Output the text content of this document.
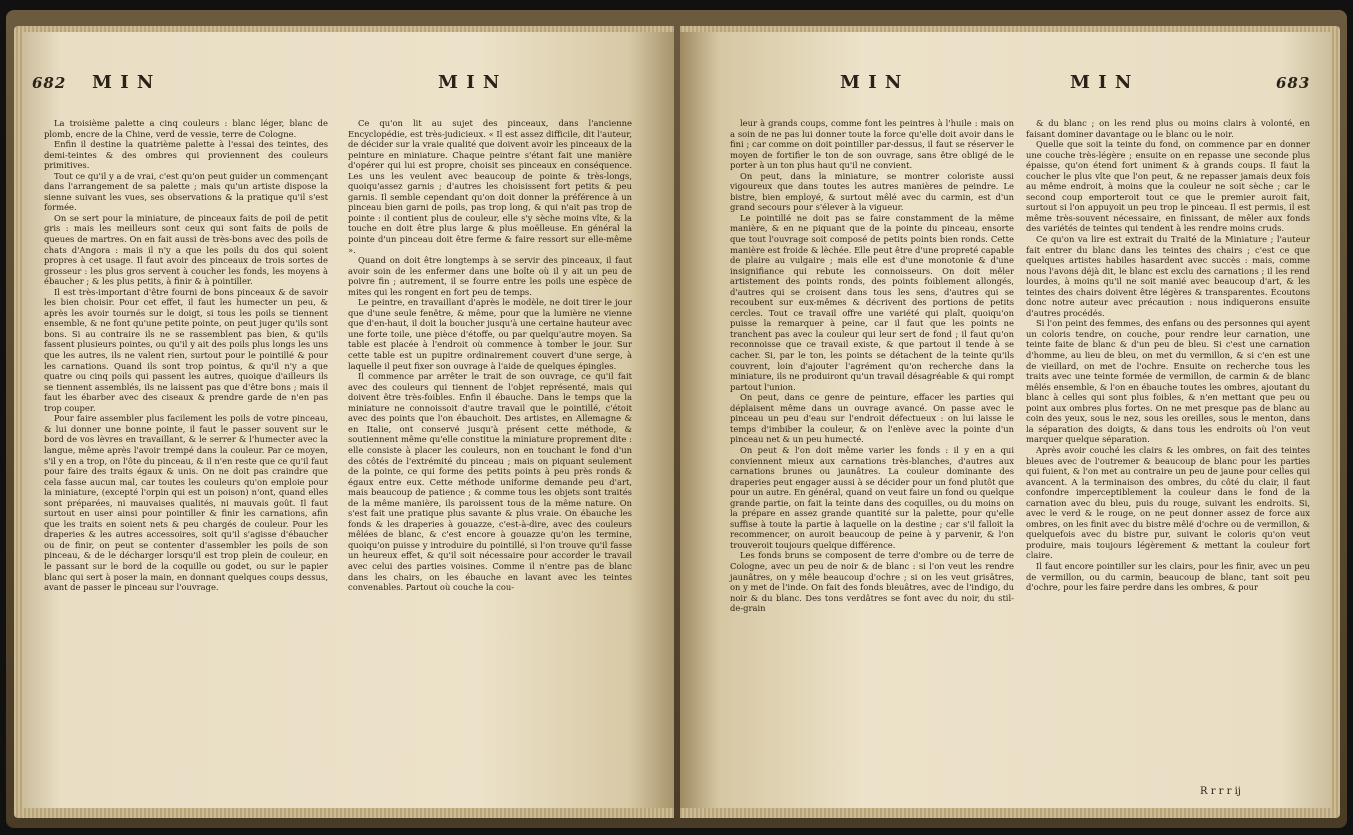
682 M I N	M I N

La troisième palette a cinq couleurs : blanc léger, blanc de plomb, encre de la Chine, verd de vessie, terre de Cologne.

Enfin il destine la quatrième palette à l'essai des teintes, des demi-teintes & des ombres qui proviennent des couleurs primitives.

Tout ce qu'il y a de vrai, c'est qu'on peut guider un commençant dans l'arrangement de sa palette ; mais qu'un artiste dispose la sienne suivant les vues, ses observations & la pratique qu'il s'est formée.

On se sert pour la miniature, de pinceaux faits de poil de petit gris : mais les meilleurs sont ceux qui sont faits de poils de queues de martres. On en fait aussi de très-bons avec des poils de chats d'Angora : mais il n'y a que les poils du dos qui soient propres à cet usage. Il faut avoir des pinceaux de trois sortes de grosseur : les plus gros servent à coucher les fonds, les moyens à ébaucher ; & les plus petits, à finir & à pointiller.

Il est très-important d'être fourni de bons pinceaux & de savoir les bien choisir. Pour cet effet, il faut les humecter un peu, & après les avoir tournés sur le doigt, si tous les poils se tiennent ensemble, & ne font qu'une petite pointe, on peut juger qu'ils sont bons. Si au contraire ils ne se rassemblent pas bien, & qu'ils fassent plusieurs pointes, ou qu'il y ait des poils plus longs les uns que les autres, ils ne valent rien, surtout pour le pointillé & pour les carnations. Quand ils sont trop pointus, & qu'il n'y a que quatre ou cinq poils qui passent les autres, quoique d'ailleurs ils se tiennent assemblés, ils ne laissent pas que d'être bons ; mais il faut les ébarber avec des ciseaux & prendre garde de n'en pas trop couper.

Pour faire assembler plus facilement les poils de votre pinceau, & lui donner une bonne pointe, il faut le passer souvent sur le bord de vos lèvres en travaillant, & le serrer & l'humecter avec la langue, même après l'avoir trempé dans la couleur. Par ce moyen, s'il y en a trop, on l'ôte du pinceau, & il n'en reste que ce qu'il faut pour faire des traits égaux & unis. On ne doit pas craindre que cela fasse aucun mal, car toutes les couleurs qu'on emploie pour la miniature, (excepté l'orpin qui est un poison) n'ont, quand elles sont préparées, ni mauvaises qualités, ni mauvais goût. Il faut surtout en user ainsi pour pointiller & finir les carnations, afin que les traits en soient nets & peu chargés de couleur. Pour les draperies & les autres accessoires, soit qu'il s'agisse d'ébaucher ou de finir, on peut se contenter d'assembler les poils de son pinceau, & de le décharger lorsqu'il est trop plein de couleur, en le passant sur le bord de la coquille ou godet, ou sur le papier blanc qui sert à poser la main, en donnant quelques coups dessus, avant de passer le pinceau sur l'ouvrage.

Ce qu'on lit au sujet des pinceaux, dans l'ancienne Encyclopédie, est très-judicieux. « Il est assez difficile, dit l'auteur, de décider sur la vraie qualité que doivent avoir les pinceaux de la peinture en miniature. Chaque peintre s'étant fait une manière d'opérer qui lui est propre, choisit ses pinceaux en conséquence. Les uns les veulent avec beaucoup de pointe & très-longs, quoiqu'assez garnis ; d'autres les choisissent fort petits & peu garnis. Il semble cependant qu'on doit donner la préférence à un pinceau bien garni de poils, pas trop long, & qui n'ait pas trop de pointe : il contient plus de couleur, elle s'y sèche moins vîte, & la touche en doit être plus large & plus moëlleuse. En général la pointe d'un pinceau doit être ferme & faire ressort sur elle-même ».

Quand on doit être longtemps à se servir des pinceaux, il faut avoir soin de les enfermer dans une boîte où il y ait un peu de poivre fin ; autrement, il se fourre entre les poils une espèce de mites qui les rongent en fort peu de temps.

Le peintre, en travaillant d'après le modèle, ne doit tirer le jour que d'une seule fenêtre, & même, pour que la lumière ne vienne que d'en-haut, il doit la boucher jusqu'à une certaine hauteur avec une forte toile, une pièce d'étoffe, ou par quelqu'autre moyen. Sa table est placée à l'endroit où commence à tomber le jour. Sur cette table est un pupitre ordinairement couvert d'une serge, à laquelle il peut fixer son ouvrage à l'aide de quelques épingles.

Il commence par arrêter le trait de son ouvrage, ce qu'il fait avec des couleurs qui tiennent de l'objet représenté, mais qui doivent être très-foibles. Enfin il ébauche. Dans le temps que la miniature ne connoissoit d'autre travail que le pointillé, c'étoit avec des points que l'on ébauchoit. Des artistes, en Allemagne & en Italie, ont conservé jusqu'à présent cette méthode, & soutiennent même qu'elle constitue la miniature proprement dite : elle consiste à placer les couleurs, non en touchant le fond d'un des côtés de l'extrémité du pinceau ; mais on piquant seulement de la pointe, ce qui forme des petits points à peu près ronds & égaux entre eux. Cette méthode uniforme demande peu d'art, mais beaucoup de patience ; & comme tous les objets sont traités de la même manière, ils paroissent tous de la même nature. On s'est fait une pratique plus savante & plus vraie. On ébauche les fonds & les draperies à gouazze, c'est-à-dire, avec des couleurs mêlées de blanc, & c'est encore à gouazze qu'on les termine, quoiqu'on puisse y introduire du pointillé, si l'on trouve qu'il fasse un heureux effet, & qu'il soit nécessaire pour accorder le travail avec celui des parties voisines. Comme il n'entre pas de blanc dans les chairs, on les ébauche en lavant avec les teintes convenables. Partout où couche la cou-

M I N	M I N	683

leur à grands coups, comme font les peintres à l'huile : mais on a soin de ne pas lui donner toute la force qu'elle doit avoir dans le fini ; car comme on doit pointiller par-dessus, il faut se réserver le moyen de fortifier le ton de son ouvrage, sans être obligé de le porter à un ton plus haut qu'il ne convient.

On peut, dans la miniature, se montrer coloriste aussi vigoureux que dans toutes les autres manières de peindre. Le bistre, bien employé, & surtout mêlé avec du carmin, est d'un grand secours pour s'élever à la vigueur.

Le pointillé ne doit pas se faire constamment de la même manière, & en ne piquant que de la pointe du pinceau, ensorte que tout l'ouvrage soit composé de petits points bien ronds. Cette manière est froide & lèchée. Elle peut être d'une propreté capable de plaire au vulgaire ; mais elle est d'une monotonie & d'une insignifiance qui rebute les connoisseurs. On doit mêler artistement des points ronds, des points foiblement allongés, d'autres qui se croisent dans tous les sens, d'autres qui se recoubent sur eux-mêmes & décrivent des portions de petits cercles. Tout ce travail offre une variété qui plaît, quoiqu'on puisse la remarquer à peine, car il faut que les points ne tranchent pas avec la couleur qui leur sert de fond ; il faut qu'on reconnoisse que ce travail existe, & que partout il tende à se cacher. Si, par le ton, les points se détachent de la teinte qu'ils couvrent, loin d'ajouter l'agrément qu'on recherche dans la miniature, ils ne produiront qu'un travail désagréable & qui rompt partout l'union.

On peut, dans ce genre de peinture, effacer les parties qui déplaisent même dans un ouvrage avancé. On passe avec le pinceau un peu d'eau sur l'endroit défectueux : on lui laisse le temps d'imbiber la couleur, & on l'enlève avec la pointe d'un pinceau net & un peu humecté.

On peut & l'on doit même varier les fonds : il y en a qui conviennent mieux aux carnations très-blanches, d'autres aux carnations brunes ou jaunâtres. La couleur dominante des draperies peut engager aussi à se décider pour un fond plutôt que pour un autre. En général, quand on veut faire un fond ou quelque grande partie, on fait la teinte dans des coquilles, ou du moins on la prépare en assez grande quantité sur la palette, pour qu'elle suffise à toute la partie à laquelle on la destine ; car s'il falloit la recommencer, on auroit beaucoup de peine à y parvenir, & l'on trouveroit toujours quelque différence.

Les fonds bruns se composent de terre d'ombre ou de terre de Cologne, avec un peu de noir & de blanc : si l'on veut les rendre jaunâtres, on y mêle beaucoup d'ochre ; si on les veut grisâtres, on y met de l'inde. On fait des fonds bleuâtres, avec de l'indigo, du noir & du blanc. Des tons verdâtres se font avec du noir, du stil-de-grain

& du blanc ; on les rend plus ou moins clairs à volonté, en faisant dominer davantage ou le blanc ou le noir.

Quelle que soit la teinte du fond, on commence par en donner une couche très-légère ; ensuite on en repasse une seconde plus épaisse, qu'on étend fort uniment & à grands coups. Il faut la coucher le plus vîte que l'on peut, & ne repasser jamais deux fois au même endroit, à moins que la couleur ne soit sèche ; car le second coup emporteroit tout ce que le premier auroit fait, surtout si l'on appuyoit un peu trop le pinceau. Il est permis, il est même très-souvent nécessaire, en finissant, de mêler aux fonds des variétés de teintes qui tendent à les rendre moins cruds.

Ce qu'on va lire est extrait du Traité de la Miniature ; l'auteur fait entrer du blanc dans les teintes des chairs ; c'est ce que quelques artistes habiles hasardent avec succès : mais, comme nous l'avons déjà dit, le blanc est exclu des carnations ; il les rend lourdes, à moins qu'il ne soit manié avec beaucoup d'art, & les teintes des chairs doivent être légères & transparentes. Écoutons donc notre auteur avec précaution : nous indiquerons ensuite d'autres procédés.

Si l'on peint des femmes, des enfans ou des personnes qui ayent un coloris tendre, on couche, pour rendre leur carnation, une teinte faite de blanc & d'un peu de bleu. Si c'est une carnation d'homme, au lieu de bleu, on met du vermillon, & si c'en est une de vieillard, on met de l'ochre. Ensuite on recherche tous les traits avec une teinte formée de vermillon, de carmin & de blanc mêlés ensemble, & l'on en ébauche toutes les ombres, ajoutant du blanc à celles qui sont plus foibles, & n'en mettant que peu ou point aux ombres plus fortes. On ne met presque pas de blanc au coin des yeux, sous le nez, sous les oreilles, sous le menton, dans la séparation des doigts, & dans tous les endroits où l'on veut marquer quelque séparation.

Après avoir couché les clairs & les ombres, on fait des teintes bleues avec de l'outremer & beaucoup de blanc pour les parties qui fuient, & l'on met au contraire un peu de jaune pour celles qui avancent. A la terminaison des ombres, du côté du clair, il faut confondre imperceptiblement la couleur dans le fond de la carnation avec du bleu, puis du rouge, suivant les endroits. Si, avec le verd & le rouge, on ne peut donner assez de force aux ombres, on les finit avec du bistre mêlé d'ochre ou de vermillon, & quelquefois avec du bistre pur, suivant le coloris qu'on veut produire, mais toujours légèrement & mettant la couleur fort claire.

Il faut encore pointiller sur les clairs, pour les finir, avec un peu de vermillon, ou du carmin, beaucoup de blanc, tant soit peu d'ochre, pour les faire perdre dans les ombres, & pour

R r r r ij
